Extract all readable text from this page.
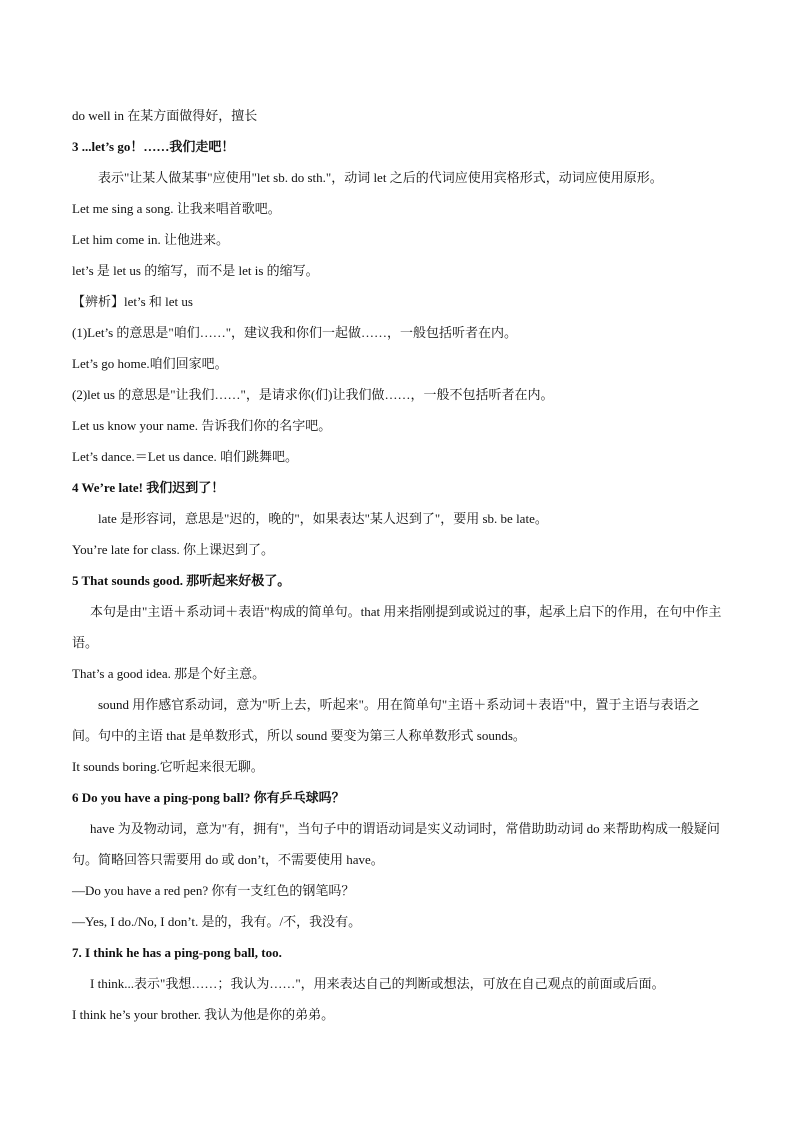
do well in 在某方面做得好，擅长

3 ...let’s go！……我们走吧！

表示"让某人做某事"应使用"let sb. do sth."，动词 let 之后的代词应使用宾格形式，动词应使用原形。

Let me sing a song. 让我来唱首歌吧。

Let him come in. 让他进来。

let’s 是 let us 的缩写，而不是 let is 的缩写。

【辨析】let’s 和 let us

(1)Let’s 的意思是"咱们……"，建议我和你们一起做……，一般包括听者在内。

Let’s go home.咱们回家吧。

(2)let us 的意思是"让我们……"，是请求你(们)让我们做……，一般不包括听者在内。

Let us know your name. 告诉我们你的名字吧。

Let’s dance.＝Let us dance. 咱们跳舞吧。

4 We’re late! 我们迟到了！

late 是形容词，意思是"迟的，晚的"，如果表达"某人迟到了"，要用 sb. be late。

You’re late for class. 你上课迟到了。

5 That sounds good. 那听起来好极了。

本句是由"主语＋系动词＋表语"构成的简单句。that 用来指刚提到或说过的事，起承上启下的作用，在句中作主语。

That’s a good idea. 那是个好主意。

sound 用作感官系动词，意为"听上去，听起来"。用在简单句"主语＋系动词＋表语"中，置于主语与表语之间。句中的主语 that 是单数形式，所以 sound 要变为第三人称单数形式 sounds。

It sounds boring.它听起来很无聊。

6 Do you have a ping-pong ball? 你有乒乓球吗？

have 为及物动词，意为"有，拥有"，当句子中的谓语动词是实义动词时，常借助助动词 do 来帮助构成一般疑问句。简略回答只需要用 do 或 don’t，不需要使用 have。

—Do you have a red pen? 你有一支红色的钢笔吗？

—Yes, I do./No, I don’t. 是的，我有。/不，我没有。

7. I think he has a ping-pong ball, too.

I think...表示"我想……；我认为……"，用来表达自己的判断或想法，可放在自己观点的前面或后面。

I think he’s your brother. 我认为他是你的弟弟。
